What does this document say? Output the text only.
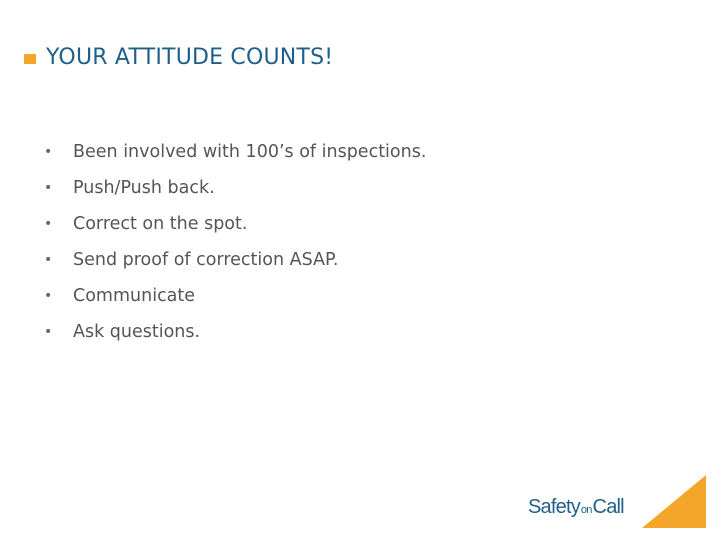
YOUR ATTITUDE COUNTS!
•	Been involved with 100’s of inspections.
•	Push/Push back.
•	Correct on the spot.
•	Send proof of correction ASAP.
•	Communicate
•	Ask questions.
Safety on Call
